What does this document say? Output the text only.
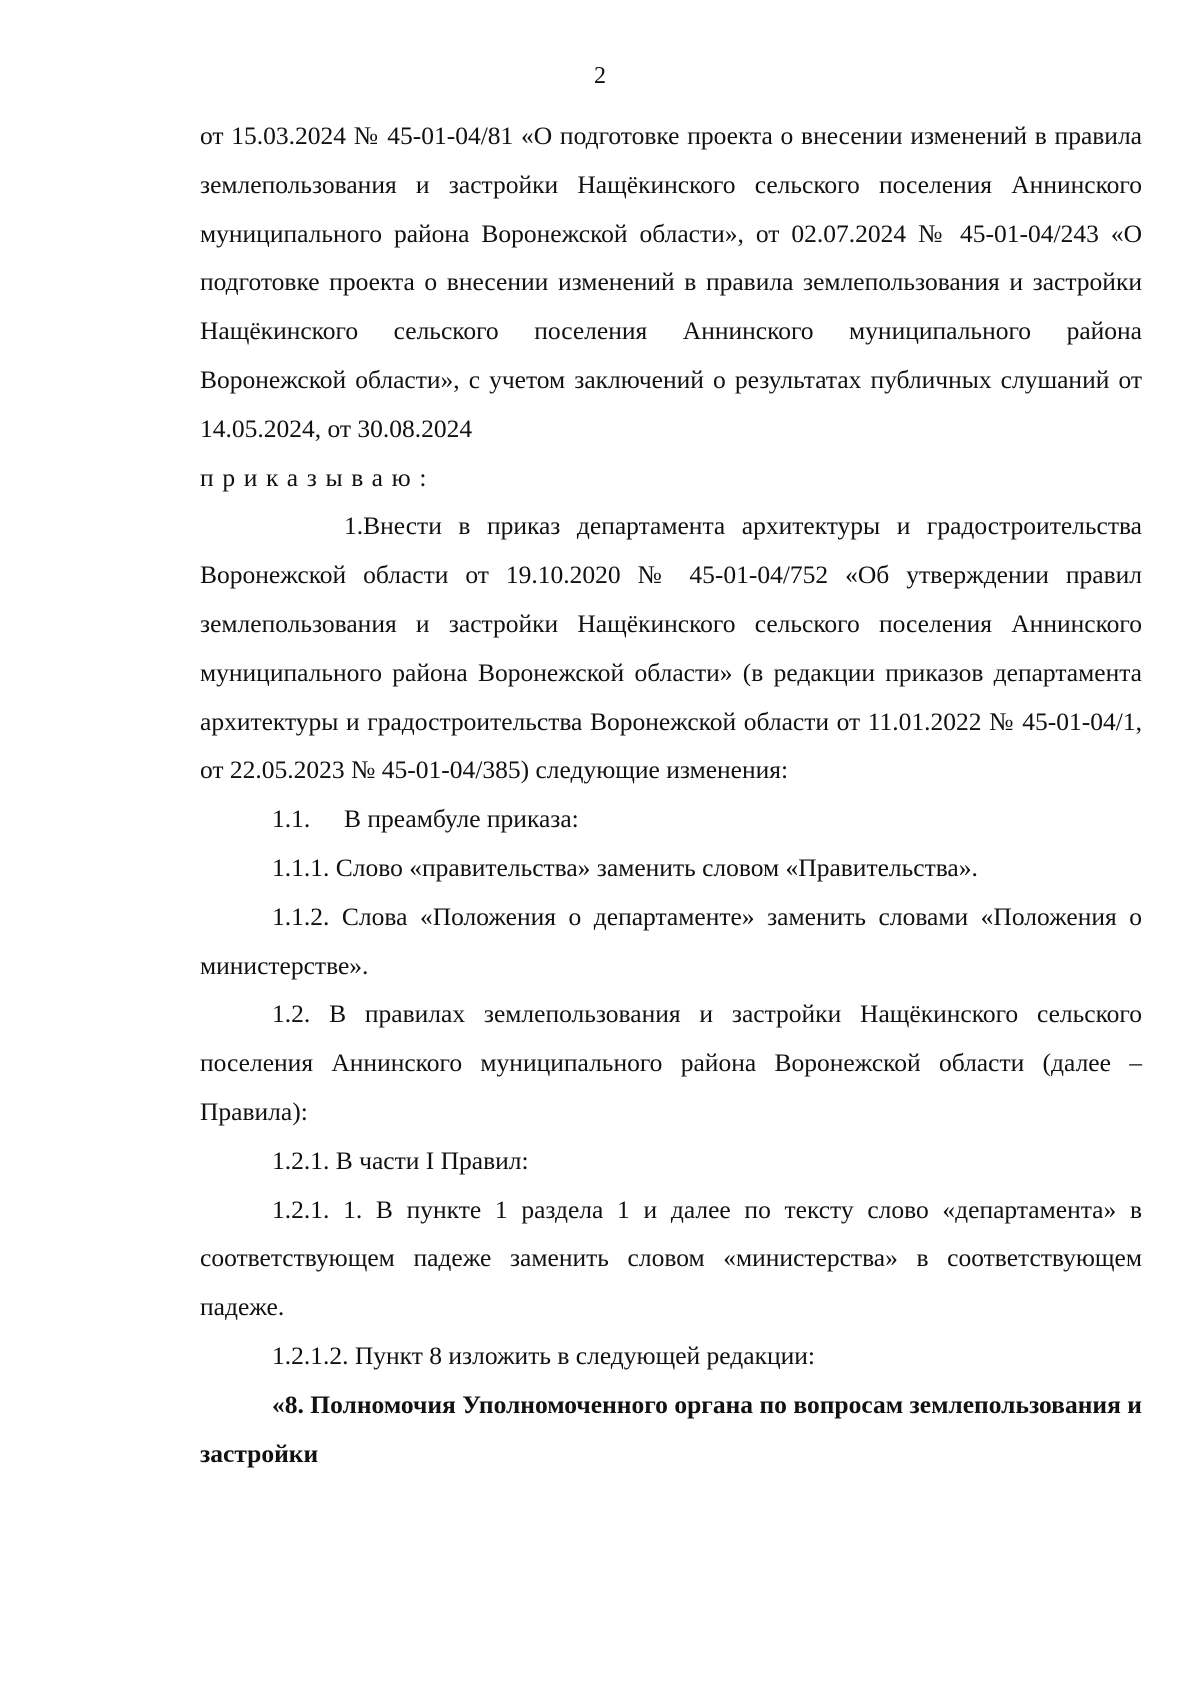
2

от 15.03.2024 № 45-01-04/81 «О подготовке проекта о внесении изменений в правила землепользования и застройки Нащёкинского сельского поселения Аннинского муниципального района Воронежской области», от 02.07.2024 № 45-01-04/243 «О подготовке проекта о внесении изменений в правила землепользования и застройки Нащёкинского сельского поселения Аннинского муниципального района Воронежской области», с учетом заключений о результатах публичных слушаний от 14.05.2024, от 30.08.2024

приказываю:

1.Внести в приказ департамента архитектуры и градостроительства Воронежской области от 19.10.2020 № 45-01-04/752 «Об утверждении правил землепользования и застройки Нащёкинского сельского поселения Аннинского муниципального района Воронежской области» (в редакции приказов департамента архитектуры и градостроительства Воронежской области от 11.01.2022 № 45-01-04/1, от 22.05.2023 № 45-01-04/385) следующие изменения:

1.1.	В преамбуле приказа:

1.1.1. Слово «правительства» заменить словом «Правительства».

1.1.2. Слова «Положения о департаменте» заменить словами «Положения о министерстве».

1.2. В правилах землепользования и застройки Нащёкинского сельского поселения Аннинского муниципального района Воронежской области (далее – Правила):

1.2.1. В части I Правил:

1.2.1. 1. В пункте 1 раздела 1 и далее по тексту слово «департамента» в соответствующем падеже заменить словом «министерства» в соответствующем падеже.

1.2.1.2. Пункт 8 изложить в следующей редакции:

«8. Полномочия Уполномоченного органа по вопросам землепользования и застройки
